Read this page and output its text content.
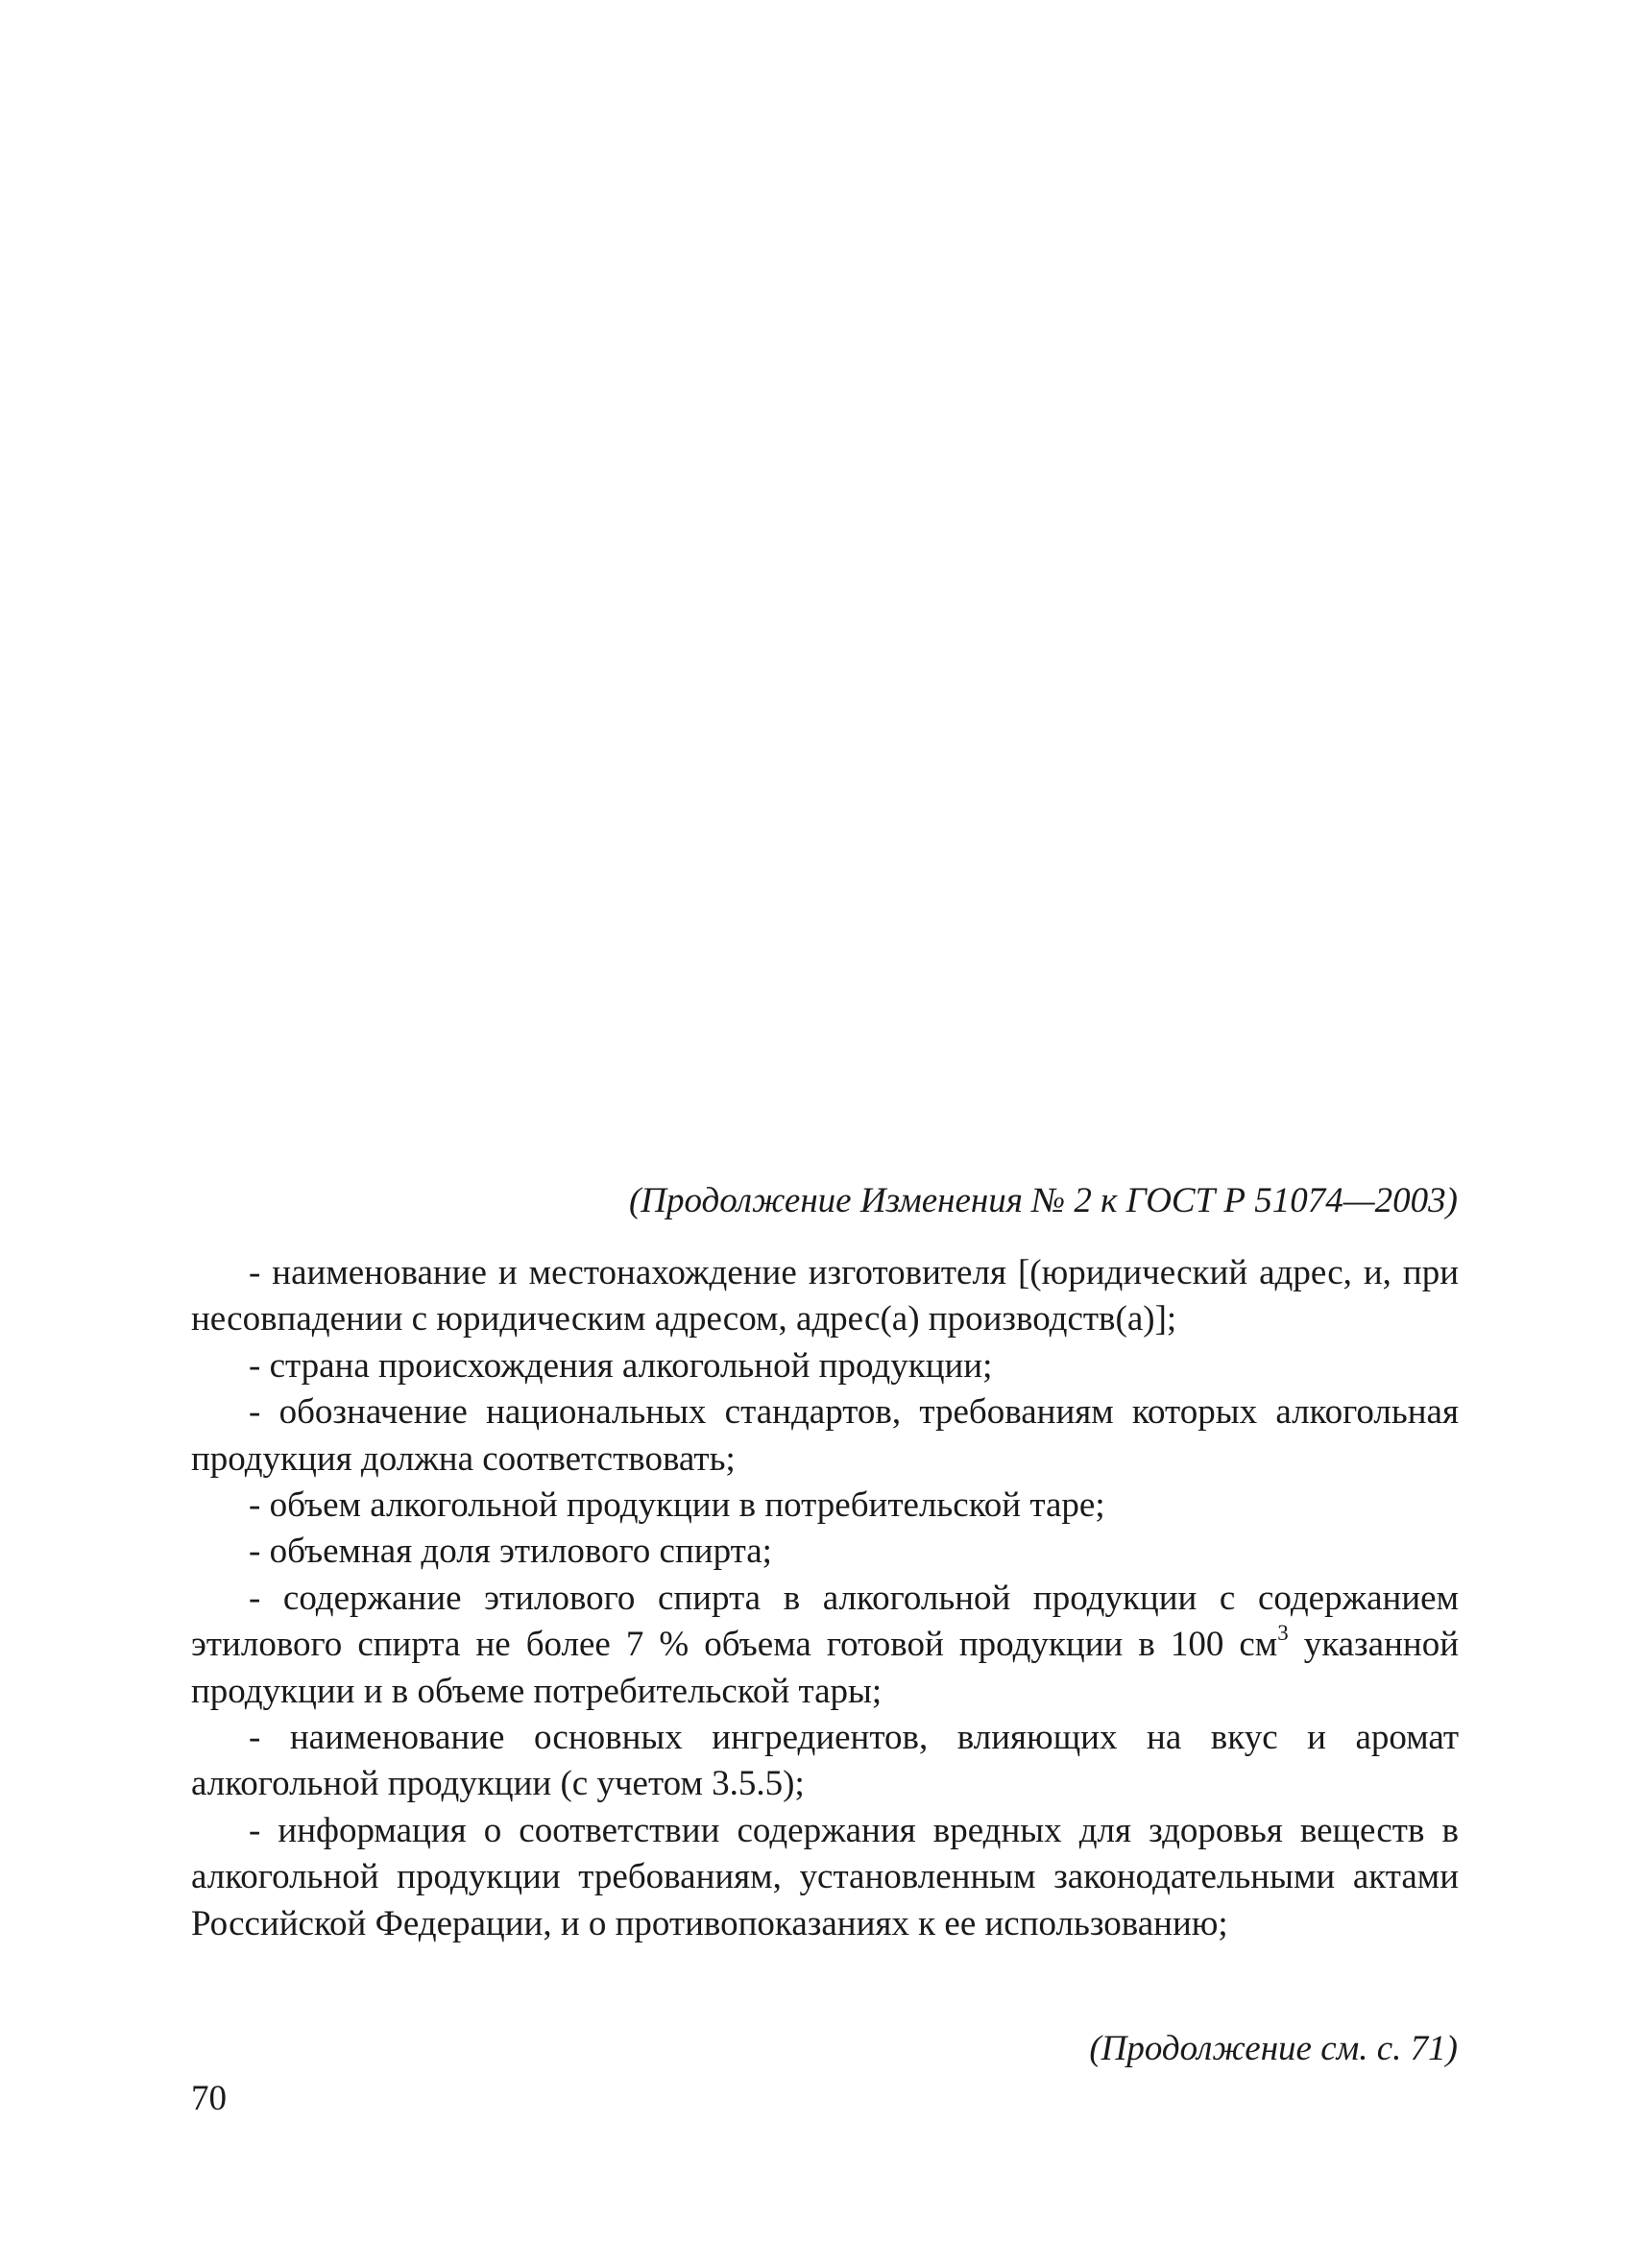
(Продолжение Изменения № 2 к ГОСТ Р 51074—2003)

- наименование и местонахождение изготовителя [(юридический адрес, и, при несовпадении с юридическим адресом, адрес(а) производств(а)];

- страна происхождения алкогольной продукции;

- обозначение национальных стандартов, требованиям которых алкогольная продукция должна соответствовать;

- объем алкогольной продукции в потребительской таре;

- объемная доля этилового спирта;

- содержание этилового спирта в алкогольной продукции с содержанием этилового спирта не более 7 % объема готовой продукции в 100 $см^3$ указанной продукции и в объеме потребительской тары;

- наименование основных ингредиентов, влияющих на вкус и аромат алкогольной продукции (с учетом 3.5.5);

- информация о соответствии содержания вредных для здоровья веществ в алкогольной продукции требованиям, установленным законодательными актами Российской Федерации, и о противопоказаниях к ее использованию;

(Продолжение см. с. 71)
70
